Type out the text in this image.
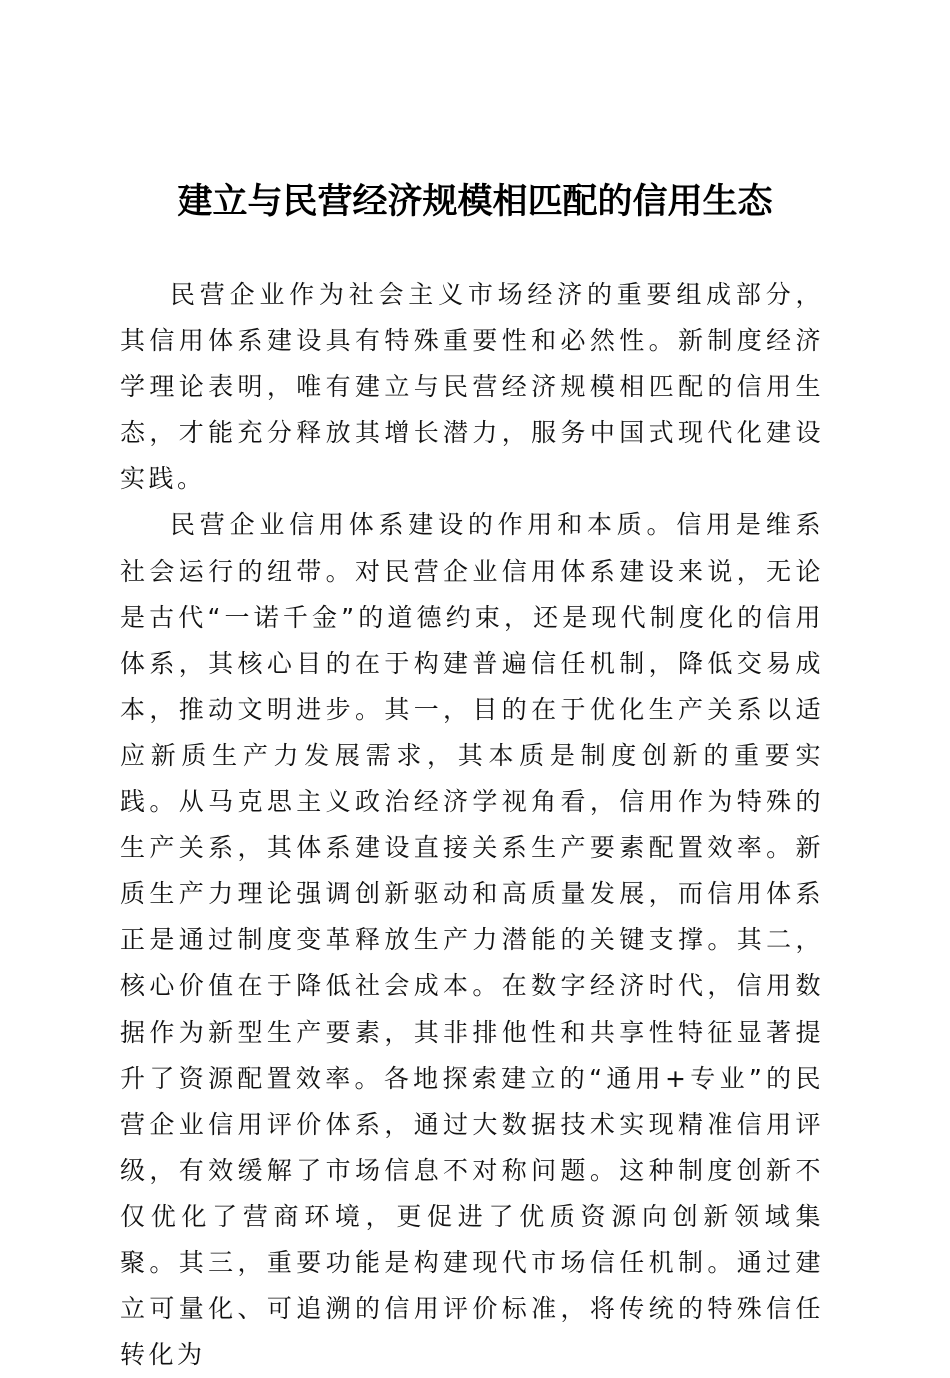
建立与民营经济规模相匹配的信用生态

民营企业作为社会主义市场经济的重要组成部分，其信用体系建设具有特殊重要性和必然性。新制度经济学理论表明，唯有建立与民营经济规模相匹配的信用生态，才能充分释放其增长潜力，服务中国式现代化建设实践。

民营企业信用体系建设的作用和本质。信用是维系社会运行的纽带。对民营企业信用体系建设来说，无论是古代“一诺千金”的道德约束，还是现代制度化的信用体系，其核心目的在于构建普遍信任机制，降低交易成本，推动文明进步。其一，目的在于优化生产关系以适应新质生产力发展需求，其本质是制度创新的重要实践。从马克思主义政治经济学视角看，信用作为特殊的生产关系，其体系建设直接关系生产要素配置效率。新质生产力理论强调创新驱动和高质量发展，而信用体系正是通过制度变革释放生产力潜能的关键支撑。其二，核心价值在于降低社会成本。在数字经济时代，信用数据作为新型生产要素，其非排他性和共享性特征显著提升了资源配置效率。各地探索建立的“通用+专业”的民营企业信用评价体系，通过大数据技术实现精准信用评级，有效缓解了市场信息不对称问题。这种制度创新不仅优化了营商环境，更促进了优质资源向创新领域集聚。其三，重要功能是构建现代市场信任机制。通过建立可量化、可追溯的信用评价标准，将传统的特殊信任转化为
